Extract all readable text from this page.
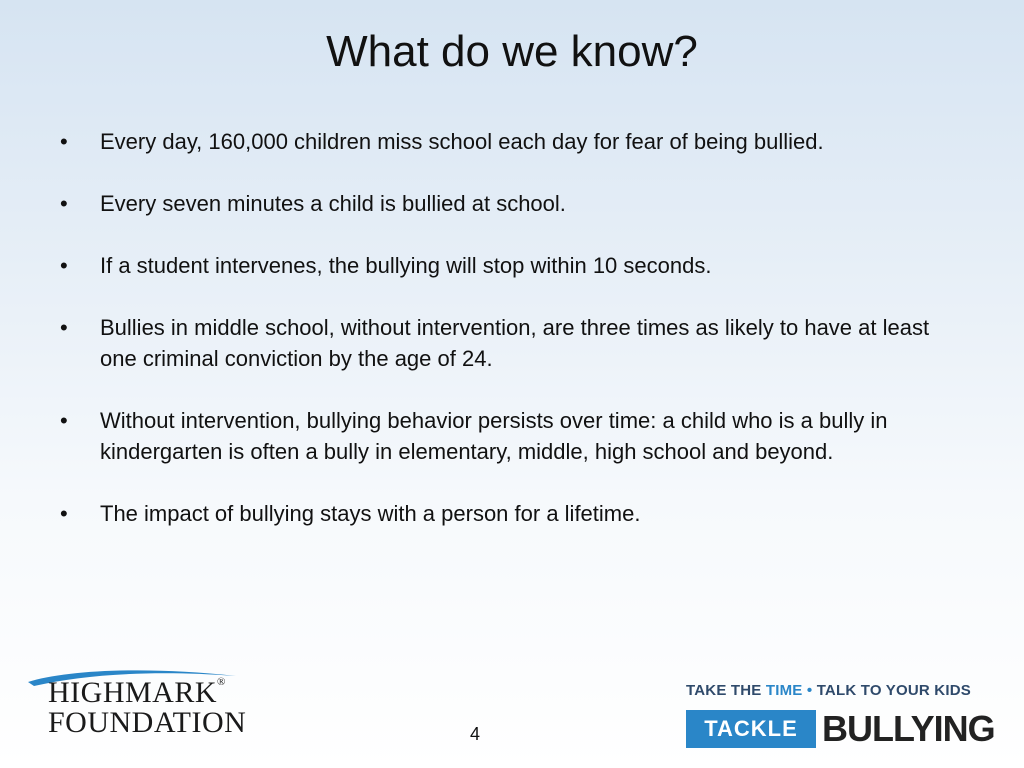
What do we know?
• Every day, 160,000 children miss school each day for fear of being bullied.
• Every seven minutes a child is bullied at school.
• If a student intervenes, the bullying will stop within 10 seconds.
• Bullies in middle school, without intervention, are three times as likely to have at least one criminal conviction by the age of 24.
• Without intervention, bullying behavior persists over time: a child who is a bully in kindergarten is often a bully in elementary, middle, high school and beyond.
• The impact of bullying stays with a person for a lifetime.
HIGHMARK®
FOUNDATION	4
TAKE THE TIME • TALK TO YOUR KIDS
TACKLE BULLYING
